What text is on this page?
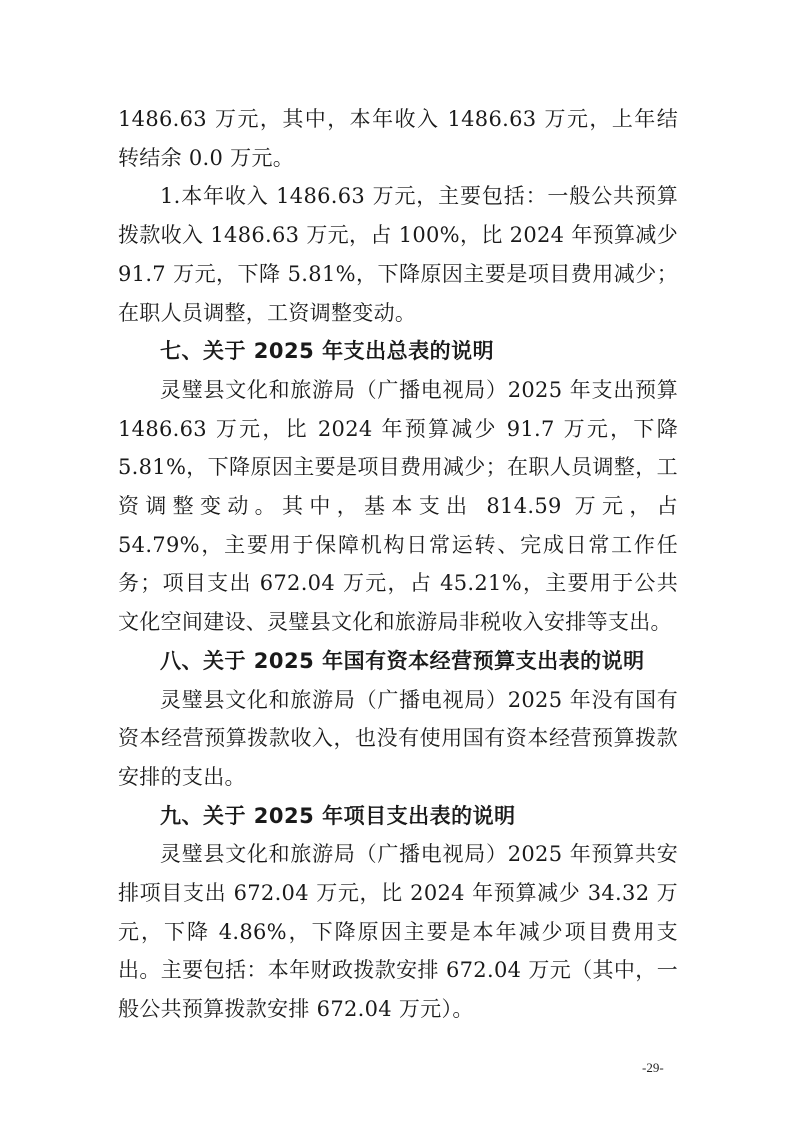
1486.63 万元，其中，本年收入 1486.63 万元，上年结转结余 0.0 万元。

1.本年收入 1486.63 万元，主要包括：一般公共预算拨款收入 1486.63 万元，占 100%，比 2024 年预算减少 91.7 万元，下降 5.81%，下降原因主要是项目费用减少；在职人员调整，工资调整变动。

七、关于 2025 年支出总表的说明

灵璧县文化和旅游局（广播电视局）2025 年支出预算 1486.63 万元，比 2024 年预算减少 91.7 万元，下降 5.81%，下降原因主要是项目费用减少；在职人员调整，工资调整变动。其中，基本支出 814.59 万元，占 54.79%，主要用于保障机构日常运转、完成日常工作任务；项目支出 672.04 万元，占 45.21%，主要用于公共文化空间建设、灵璧县文化和旅游局非税收入安排等支出。

八、关于 2025 年国有资本经营预算支出表的说明

灵璧县文化和旅游局（广播电视局）2025 年没有国有资本经营预算拨款收入，也没有使用国有资本经营预算拨款安排的支出。

九、关于 2025 年项目支出表的说明

灵璧县文化和旅游局（广播电视局）2025 年预算共安排项目支出 672.04 万元，比 2024 年预算减少 34.32 万元，下降 4.86%，下降原因主要是本年减少项目费用支出。主要包括：本年财政拨款安排 672.04 万元（其中，一般公共预算拨款安排 672.04 万元）。

-29-
